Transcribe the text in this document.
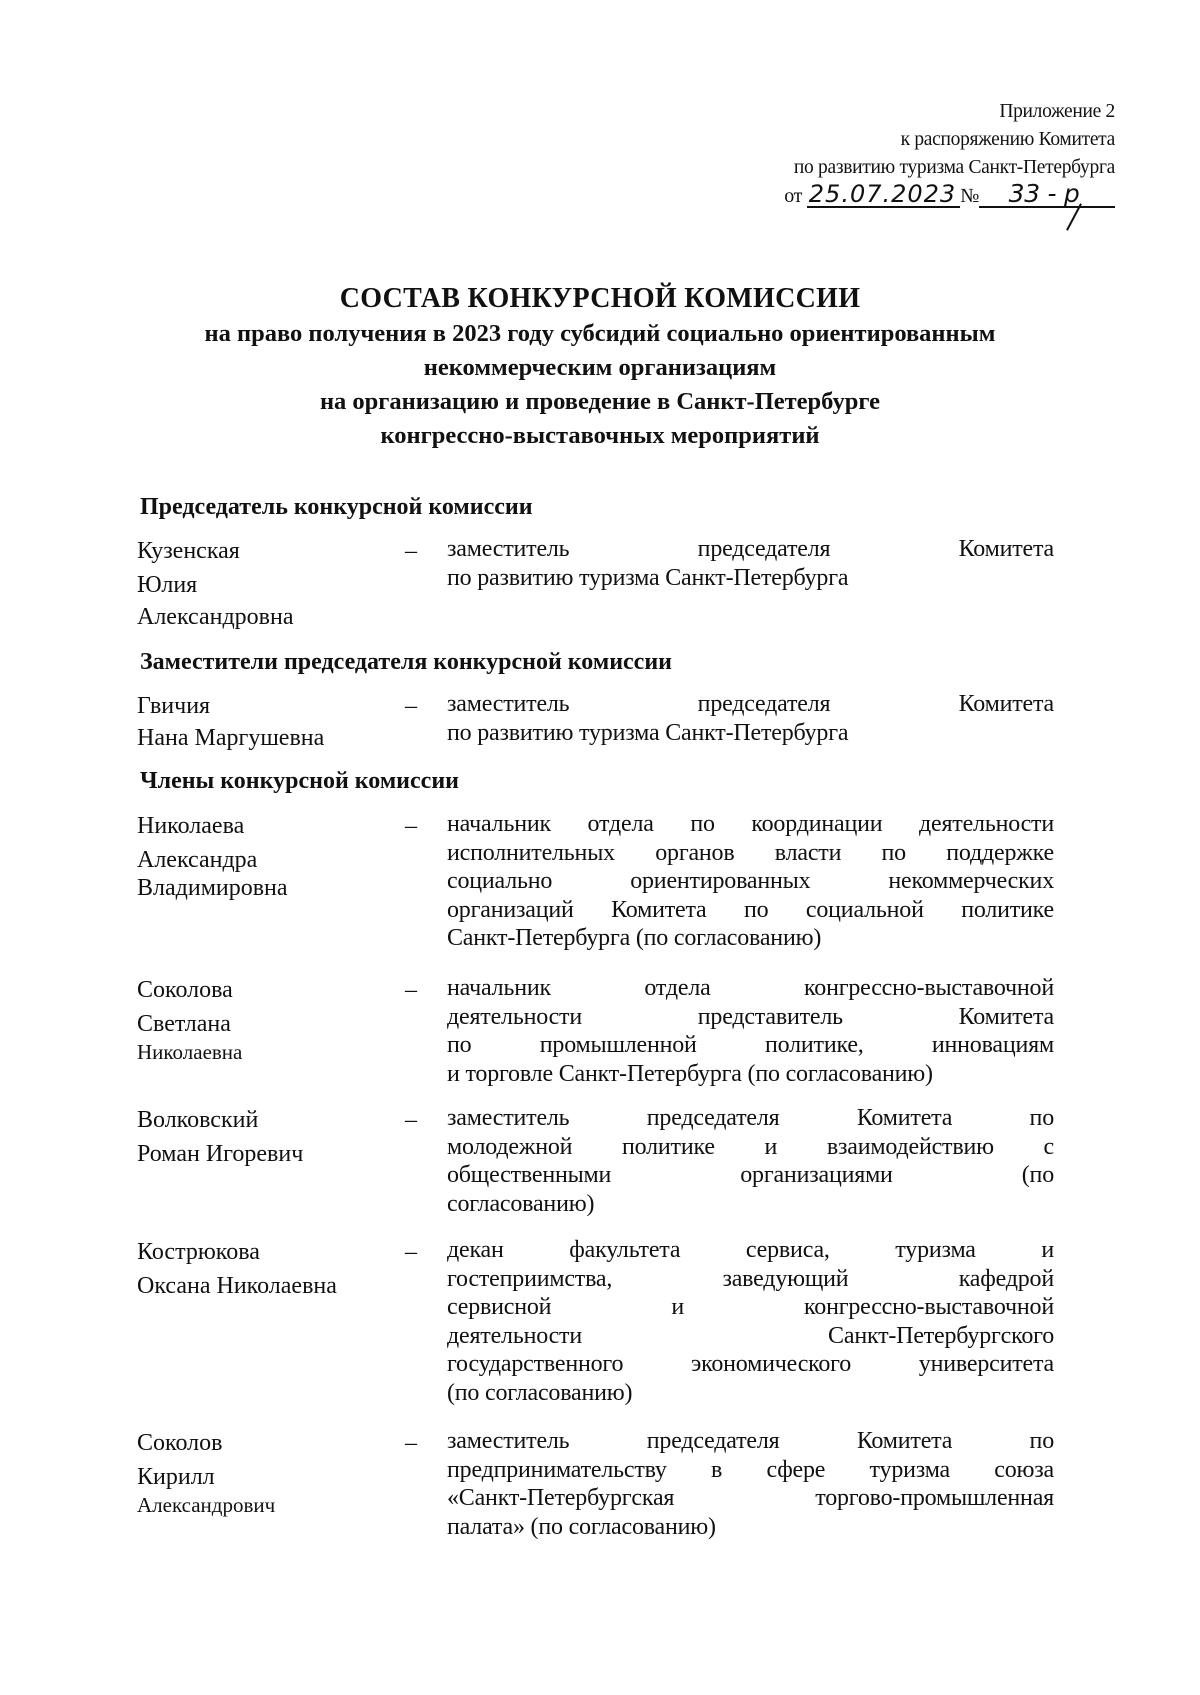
Приложение 2
к распоряжению Комитета
по развитию туризма Санкт-Петербурга
от 25.07.2023 № 33 - р
СОСТАВ КОНКУРСНОЙ КОМИССИИ
на право получения в 2023 году субсидий социально ориентированным
некоммерческим организациям
на организацию и проведение в Санкт-Петербурге
конгрессно-выставочных мероприятий
Председатель конкурсной комиссии
Кузенская
Юлия
Александровна
– заместитель председателя Комитета
по развитию туризма Санкт-Петербурга
Заместители председателя конкурсной комиссии
Гвичия
Нана Маргушевна
– заместитель председателя Комитета
по развитию туризма Санкт-Петербурга
Члены конкурсной комиссии
Николаева
Александра
Владимировна
– начальник отдела по координации деятельности
исполнительных органов власти по поддержке
социально ориентированных некоммерческих
организаций Комитета по социальной политике
Санкт-Петербурга (по согласованию)
Соколова
Светлана
Николаевна
– начальник отдела конгрессно-выставочной
деятельности представитель Комитета
по промышленной политике, инновациям
и торговле Санкт-Петербурга (по согласованию)
Волковский
Роман Игоревич
– заместитель председателя Комитета по
молодежной политике и взаимодействию с
общественными организациями (по
согласованию)
Кострюкова
Оксана Николаевна
– декан факультета сервиса, туризма и
гостеприимства, заведующий кафедрой
сервисной и конгрессно-выставочной
деятельности Санкт-Петербургского
государственного экономического университета
(по согласованию)
Соколов
Кирилл
Александрович
– заместитель председателя Комитета по
предпринимательству в сфере туризма союза
«Санкт-Петербургская торгово-промышленная
палата» (по согласованию)
